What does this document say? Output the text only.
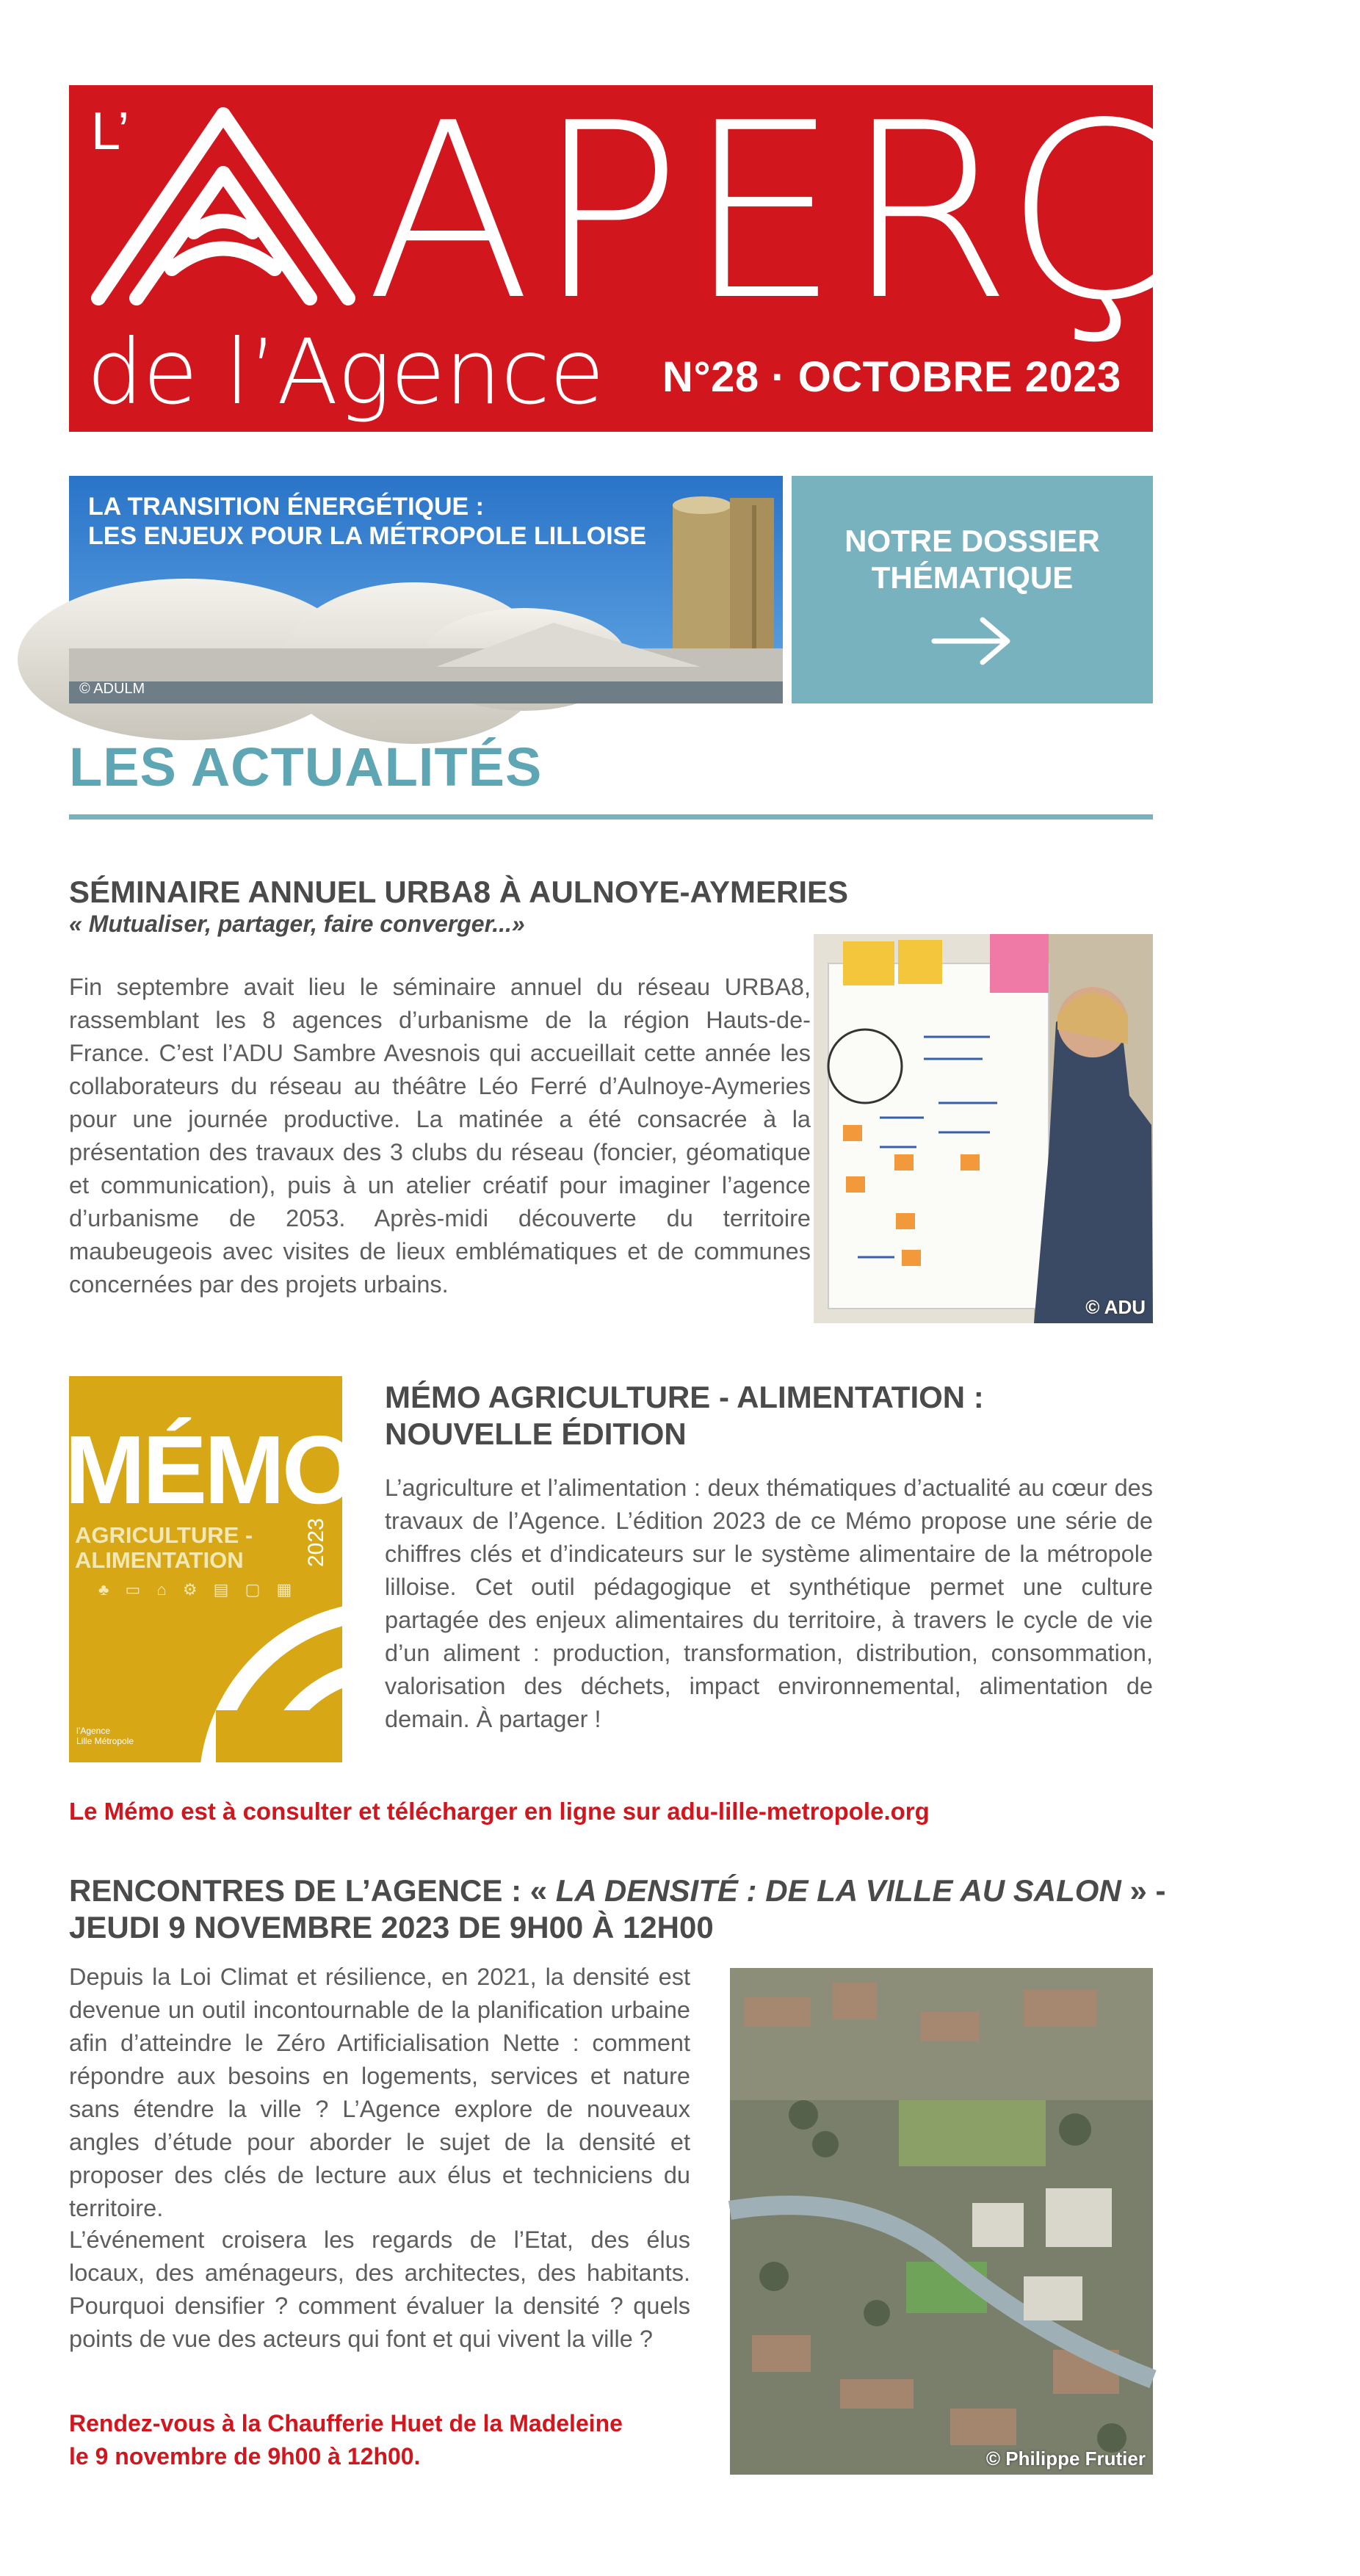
L’ APERÇU
de l’Agence N°28 · OCTOBRE 2023
LA TRANSITION ÉNERGÉTIQUE :
LES ENJEUX POUR LA MÉTROPOLE LILLOISE
© ADULM
NOTRE DOSSIER
THÉMATIQUE
LES ACTUALITÉS
SÉMINAIRE ANNUEL URBA8 À AULNOYE-AYMERIES
« Mutualiser, partager, faire converger...»
Fin septembre avait lieu le séminaire annuel du réseau URBA8, rassemblant les 8 agences d’urbanisme de la région Hauts-de-France. C’est l’ADU Sambre Avesnois qui accueillait cette année les collaborateurs du réseau au théâtre Léo Ferré d’Aulnoye-Aymeries pour une journée productive. La matinée a été consacrée à la présentation des travaux des 3 clubs du réseau (foncier, géomatique et communication), puis à un atelier créatif pour imaginer l’agence d’urbanisme de 2053. Après-midi découverte du territoire maubeugeois avec visites de lieux emblématiques et de communes concernées par des projets urbains.
© ADU
MÉMO
2023
AGRICULTURE -
ALIMENTATION
♣ ▭ ⌂ ⚙ ▤ ▢ ▦
l’Agence
Lille Métropole
MÉMO AGRICULTURE - ALIMENTATION :
NOUVELLE ÉDITION
L’agriculture et l’alimentation : deux thématiques d’actualité au cœur des travaux de l’Agence. L’édition 2023 de ce Mémo propose une série de chiffres clés et d’indicateurs sur le système alimentaire de la métropole lilloise. Cet outil pédagogique et synthétique permet une culture partagée des enjeux alimentaires du territoire, à travers le cycle de vie d’un aliment : production, transformation, distribution, consommation, valorisation des déchets, impact environnemental, alimentation de demain. À partager !
Le Mémo est à consulter et télécharger en ligne sur adu-lille-metropole.org
RENCONTRES DE L’AGENCE : « LA DENSITÉ : DE LA VILLE AU SALON » -
JEUDI 9 NOVEMBRE 2023 DE 9H00 À 12H00
Depuis la Loi Climat et résilience, en 2021, la densité est devenue un outil incontournable de la planification urbaine afin d’atteindre le Zéro Artificialisation Nette : comment répondre aux besoins en logements, services et nature sans étendre la ville ? L’Agence explore de nouveaux angles d’étude pour aborder le sujet de la densité et proposer des clés de lecture aux élus et techniciens du territoire.
L’événement croisera les regards de l’Etat, des élus locaux, des aménageurs, des architectes, des habitants. Pourquoi densifier ? comment évaluer la densité ? quels points de vue des acteurs qui font et qui vivent la ville ?
Rendez-vous à la Chaufferie Huet de la Madeleine
le 9 novembre de 9h00 à 12h00.	© Philippe Frutier
